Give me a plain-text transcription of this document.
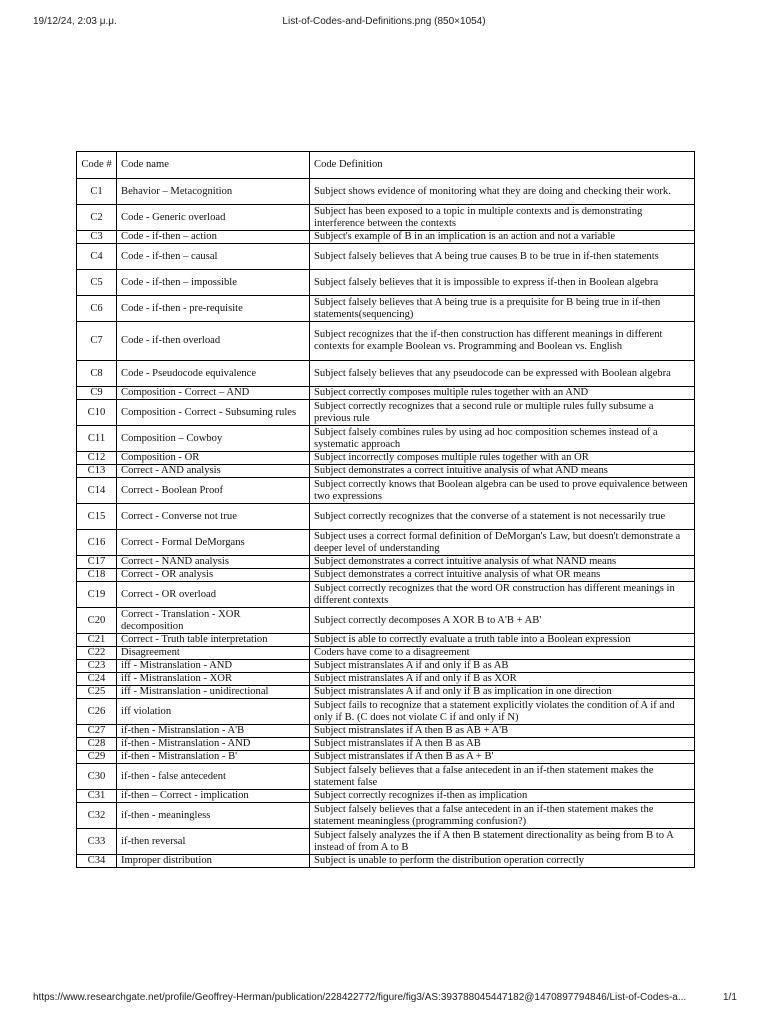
19/12/24, 2:03 μ.μ.	List-of-Codes-and-Definitions.png (850×1054)
Code #	Code name	Code Definition
C1	Behavior – Metacognition	Subject shows evidence of monitoring what they are doing and checking their work.
C2	Code - Generic overload	Subject has been exposed to a topic in multiple contexts and is demonstrating interference between the contexts
C3	Code - if-then – action	Subject's example of B in an implication is an action and not a variable
C4	Code - if-then – causal	Subject falsely believes that A being true causes B to be true in if-then statements
C5	Code - if-then – impossible	Subject falsely believes that it is impossible to express if-then in Boolean algebra
C6	Code - if-then - pre-requisite	Subject falsely believes that A being true is a prequisite for B being true in if-then statements(sequencing)
C7	Code - if-then overload	Subject recognizes that the if-then construction has different meanings in different contexts for example Boolean vs. Programming and Boolean vs. English
C8	Code - Pseudocode equivalence	Subject falsely believes that any pseudocode can be expressed with Boolean algebra
C9	Composition - Correct – AND	Subject correctly composes multiple rules together with an AND
C10	Composition - Correct - Subsuming rules	Subject correctly recognizes that a second rule or multiple rules fully subsume a previous rule
C11	Composition – Cowboy	Subject falsely combines rules by using ad hoc composition schemes instead of a systematic approach
C12	Composition - OR	Subject incorrectly composes multiple rules together with an OR
C13	Correct - AND analysis	Subject demonstrates a correct intuitive analysis of what AND means
C14	Correct - Boolean Proof	Subject correctly knows that Boolean algebra can be used to prove equivalence between two expressions
C15	Correct - Converse not true	Subject correctly recognizes that the converse of a statement is not necessarily true
C16	Correct - Formal DeMorgans	Subject uses a correct formal definition of DeMorgan's Law, but doesn't demonstrate a deeper level of understanding
C17	Correct - NAND analysis	Subject demonstrates a correct intuitive analysis of what NAND means
C18	Correct - OR analysis	Subject demonstrates a correct intuitive analysis of what OR means
C19	Correct - OR overload	Subject correctly recognizes that the word OR construction has different meanings in different contexts
C20	Correct - Translation - XOR decomposition	Subject correctly decomposes A XOR B to A'B + AB'
C21	Correct - Truth table interpretation	Subject is able to correctly evaluate a truth table into a Boolean expression
C22	Disagreement	Coders have come to a disagreement
C23	iff - Mistranslation - AND	Subject mistranslates A if and only if B as AB
C24	iff - Mistranslation - XOR	Subject mistranslates A if and only if B as XOR
C25	iff - Mistranslation - unidirectional	Subject mistranslates A if and only if B as implication in one direction
C26	iff violation	Subject fails to recognize that a statement explicitly violates the condition of A if and only if B. (C does not violate C if and only if N)
C27	if-then - Mistranslation - A'B	Subject mistranslates if A then B as AB + A'B
C28	if-then - Mistranslation - AND	Subject mistranslates if A then B as AB
C29	if-then - Mistranslation - B'	Subject mistranslates if A then B as A + B'
C30	if-then - false antecedent	Subject falsely believes that a false antecedent in an if-then statement makes the statement false
C31	if-then – Correct - implication	Subject correctly recognizes if-then as implication
C32	if-then - meaningless	Subject falsely believes that a false antecedent in an if-then statement makes the statement meaningless (programming confusion?)
C33	if-then reversal	Subject falsely analyzes the if A then B statement directionality as being from B to A instead of from A to B
C34	Improper distribution	Subject is unable to perform the distribution operation correctly
https://www.researchgate.net/profile/Geoffrey-Herman/publication/228422772/figure/fig3/AS:393788045447182@1470897794846/List-of-Codes-a...	1/1
